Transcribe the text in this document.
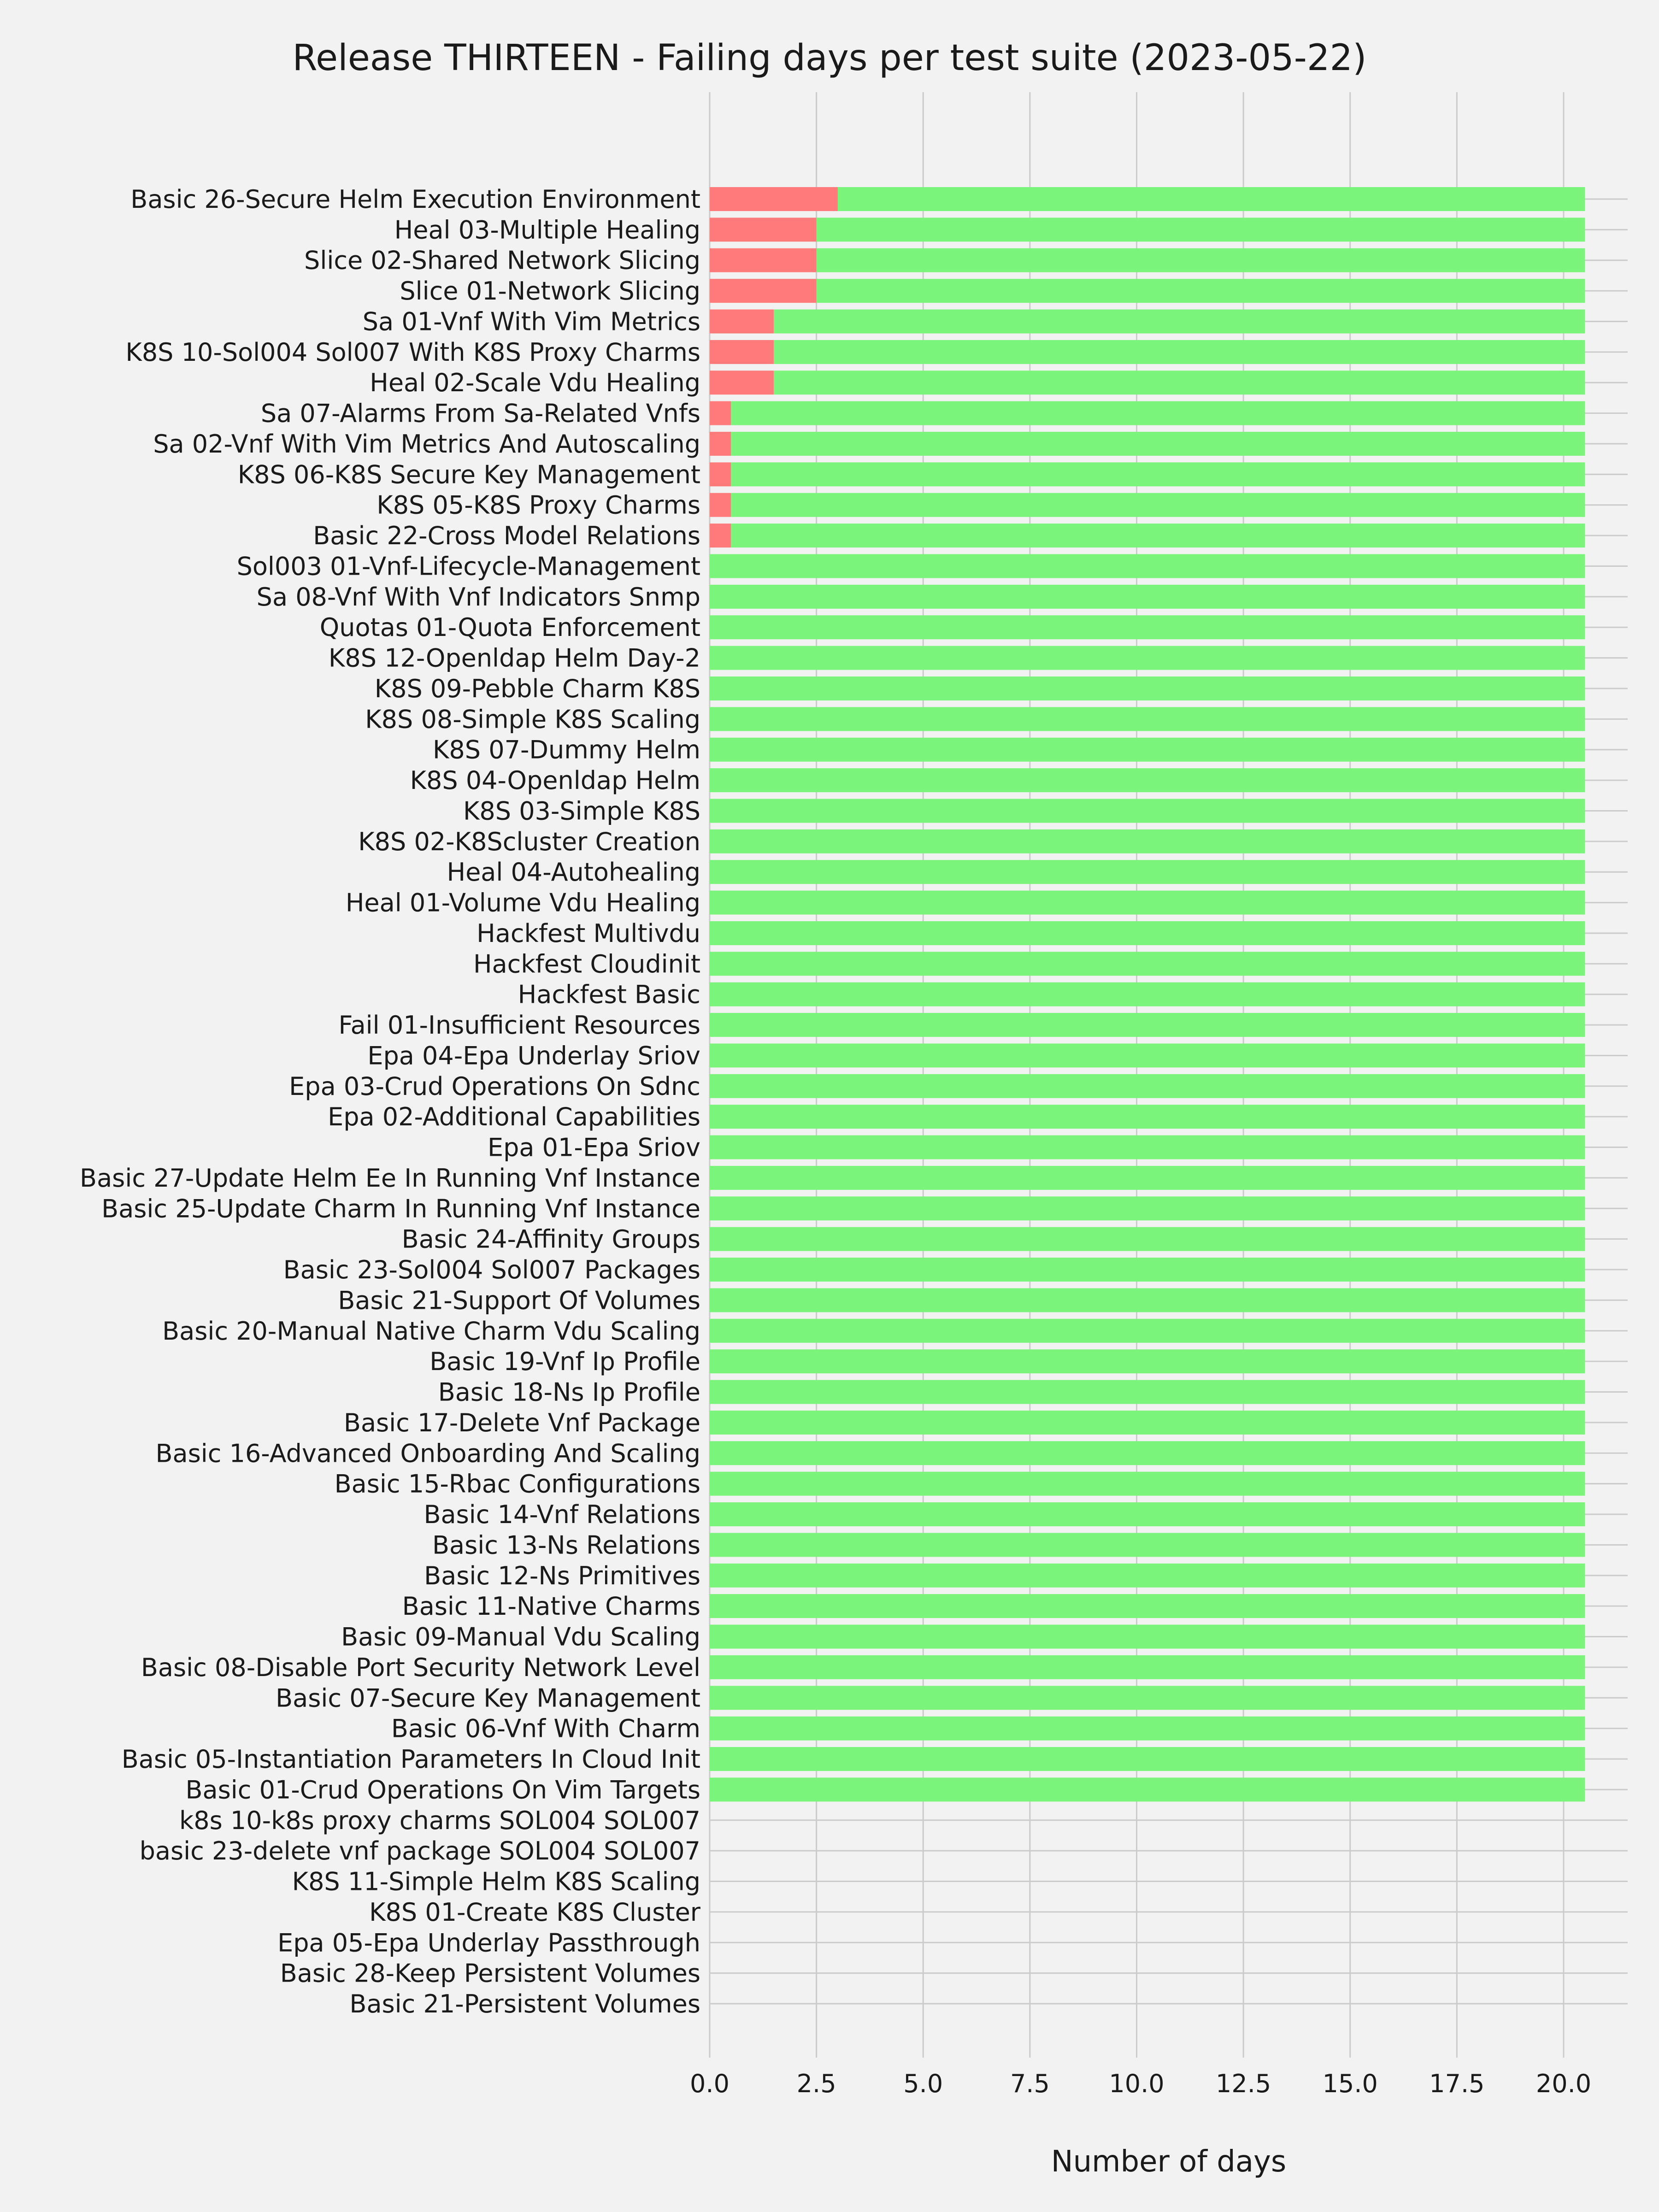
Basic 26-Secure Helm Execution Environment
Heal 03-Multiple Healing
Slice 02-Shared Network Slicing
Slice 01-Network Slicing
Sa 01-Vnf With Vim Metrics
K8S 10-Sol004 Sol007 With K8S Proxy Charms
Heal 02-Scale Vdu Healing
Sa 07-Alarms From Sa-Related Vnfs
Sa 02-Vnf With Vim Metrics And Autoscaling
K8S 06-K8S Secure Key Management
K8S 05-K8S Proxy Charms
Basic 22-Cross Model Relations
Sol003 01-Vnf-Lifecycle-Management
Sa 08-Vnf With Vnf Indicators Snmp
Quotas 01-Quota Enforcement
K8S 12-Openldap Helm Day-2
K8S 09-Pebble Charm K8S
K8S 08-Simple K8S Scaling
K8S 07-Dummy Helm
K8S 04-Openldap Helm
K8S 03-Simple K8S
K8S 02-K8Scluster Creation
Heal 04-Autohealing
Heal 01-Volume Vdu Healing
Hackfest Multivdu
Hackfest Cloudinit
Hackfest Basic
Fail 01-Insufficient Resources
Epa 04-Epa Underlay Sriov
Epa 03-Crud Operations On Sdnc
Epa 02-Additional Capabilities
Epa 01-Epa Sriov
Basic 27-Update Helm Ee In Running Vnf Instance
Basic 25-Update Charm In Running Vnf Instance
Basic 24-Affinity Groups
Basic 23-Sol004 Sol007 Packages
Basic 21-Support Of Volumes
Basic 20-Manual Native Charm Vdu Scaling
Basic 19-Vnf Ip Profile
Basic 18-Ns Ip Profile
Basic 17-Delete Vnf Package
Basic 16-Advanced Onboarding And Scaling
Basic 15-Rbac Configurations
Basic 14-Vnf Relations
Basic 13-Ns Relations
Basic 12-Ns Primitives
Basic 11-Native Charms
Basic 09-Manual Vdu Scaling
Basic 08-Disable Port Security Network Level
Basic 07-Secure Key Management
Basic 06-Vnf With Charm
Basic 05-Instantiation Parameters In Cloud Init
Basic 01-Crud Operations On Vim Targets
k8s 10-k8s proxy charms SOL004 SOL007
basic 23-delete vnf package SOL004 SOL007
K8S 11-Simple Helm K8S Scaling
K8S 01-Create K8S Cluster
Epa 05-Epa Underlay Passthrough
Basic 28-Keep Persistent Volumes
Basic 21-Persistent Volumes
0.0	2.5	5.0	7.5 10.0 12.5 15.0 17.5 20.0
Release THIRTEEN - Failing days per test suite (2023-05-22)
Number of days
